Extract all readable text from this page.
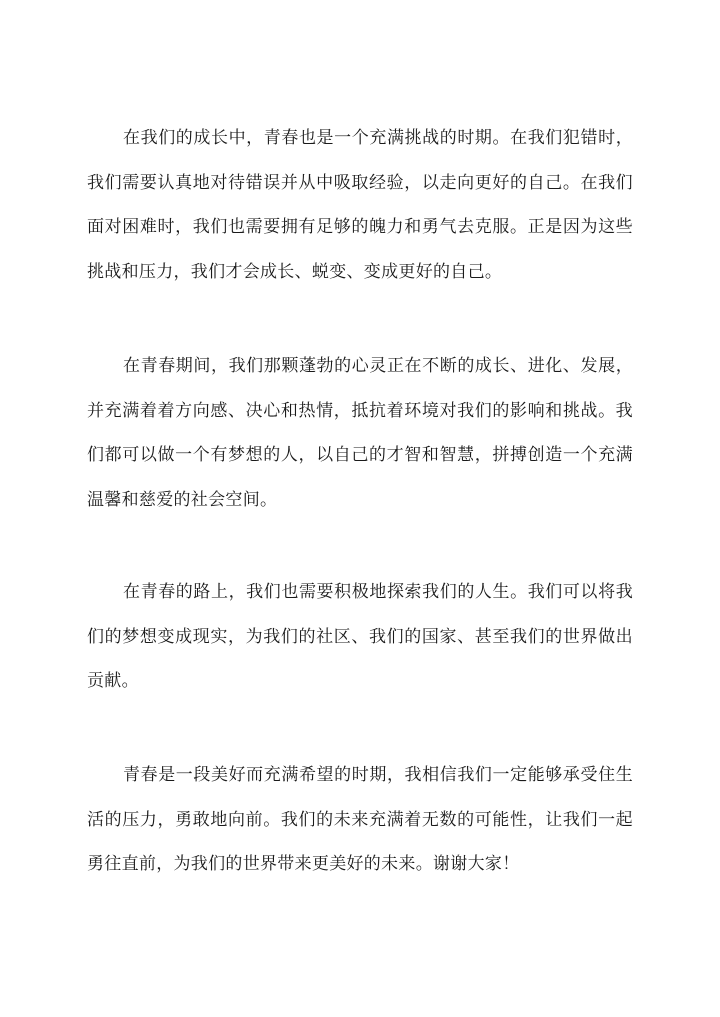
在我们的成长中，青春也是一个充满挑战的时期。在我们犯错时，我们需要认真地对待错误并从中吸取经验，以走向更好的自己。在我们面对困难时，我们也需要拥有足够的魄力和勇气去克服。正是因为这些挑战和压力，我们才会成长、蜕变、变成更好的自己。

在青春期间，我们那颗蓬勃的心灵正在不断的成长、进化、发展，并充满着着方向感、决心和热情，抵抗着环境对我们的影响和挑战。我们都可以做一个有梦想的人，以自己的才智和智慧，拼搏创造一个充满温馨和慈爱的社会空间。

在青春的路上，我们也需要积极地探索我们的人生。我们可以将我们的梦想变成现实，为我们的社区、我们的国家、甚至我们的世界做出贡献。

青春是一段美好而充满希望的时期，我相信我们一定能够承受住生活的压力，勇敢地向前。我们的未来充满着无数的可能性，让我们一起勇往直前，为我们的世界带来更美好的未来。谢谢大家！
